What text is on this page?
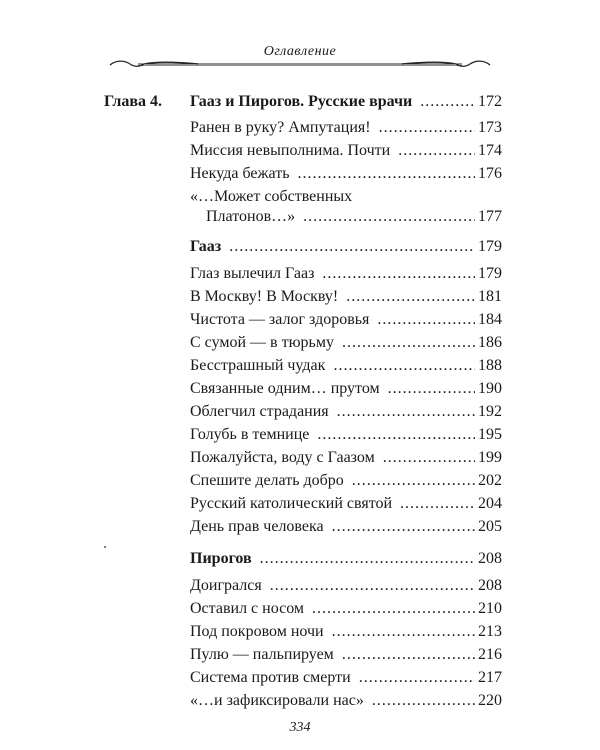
Оглавление
Глава 4. Гааз и Пирогов. Русские врачи .....	172
Ранен в руку? Ампутация! .....	173
Миссия невыполнима. Почти .....	174
Некуда бежать .....	176
«…Может собственных
Платонов…» .....	177
Гааз .....	179
Глаз вылечил Гааз .....	179
В Москву! В Москву! .....	181
Чистота — залог здоровья .....	184
С сумой — в тюрьму .....	186
Бесстрашный чудак .....	188
Связанные одним… прутом .....	190
Облегчил страдания .....	192
Голубь в темнице .....	195
Пожалуйста, воду с Гаазом .....	199
Спешите делать добро .....	202
Русский католический святой .....	204
День прав человека .....	205
Пирогов .....	208
Доигрался .....	208
Оставил с носом .....	210
Под покровом ночи .....	213
Пулю — пальпируем .....	216
Система против смерти .....	217
«…и зафиксировали нас» .....	220
334
